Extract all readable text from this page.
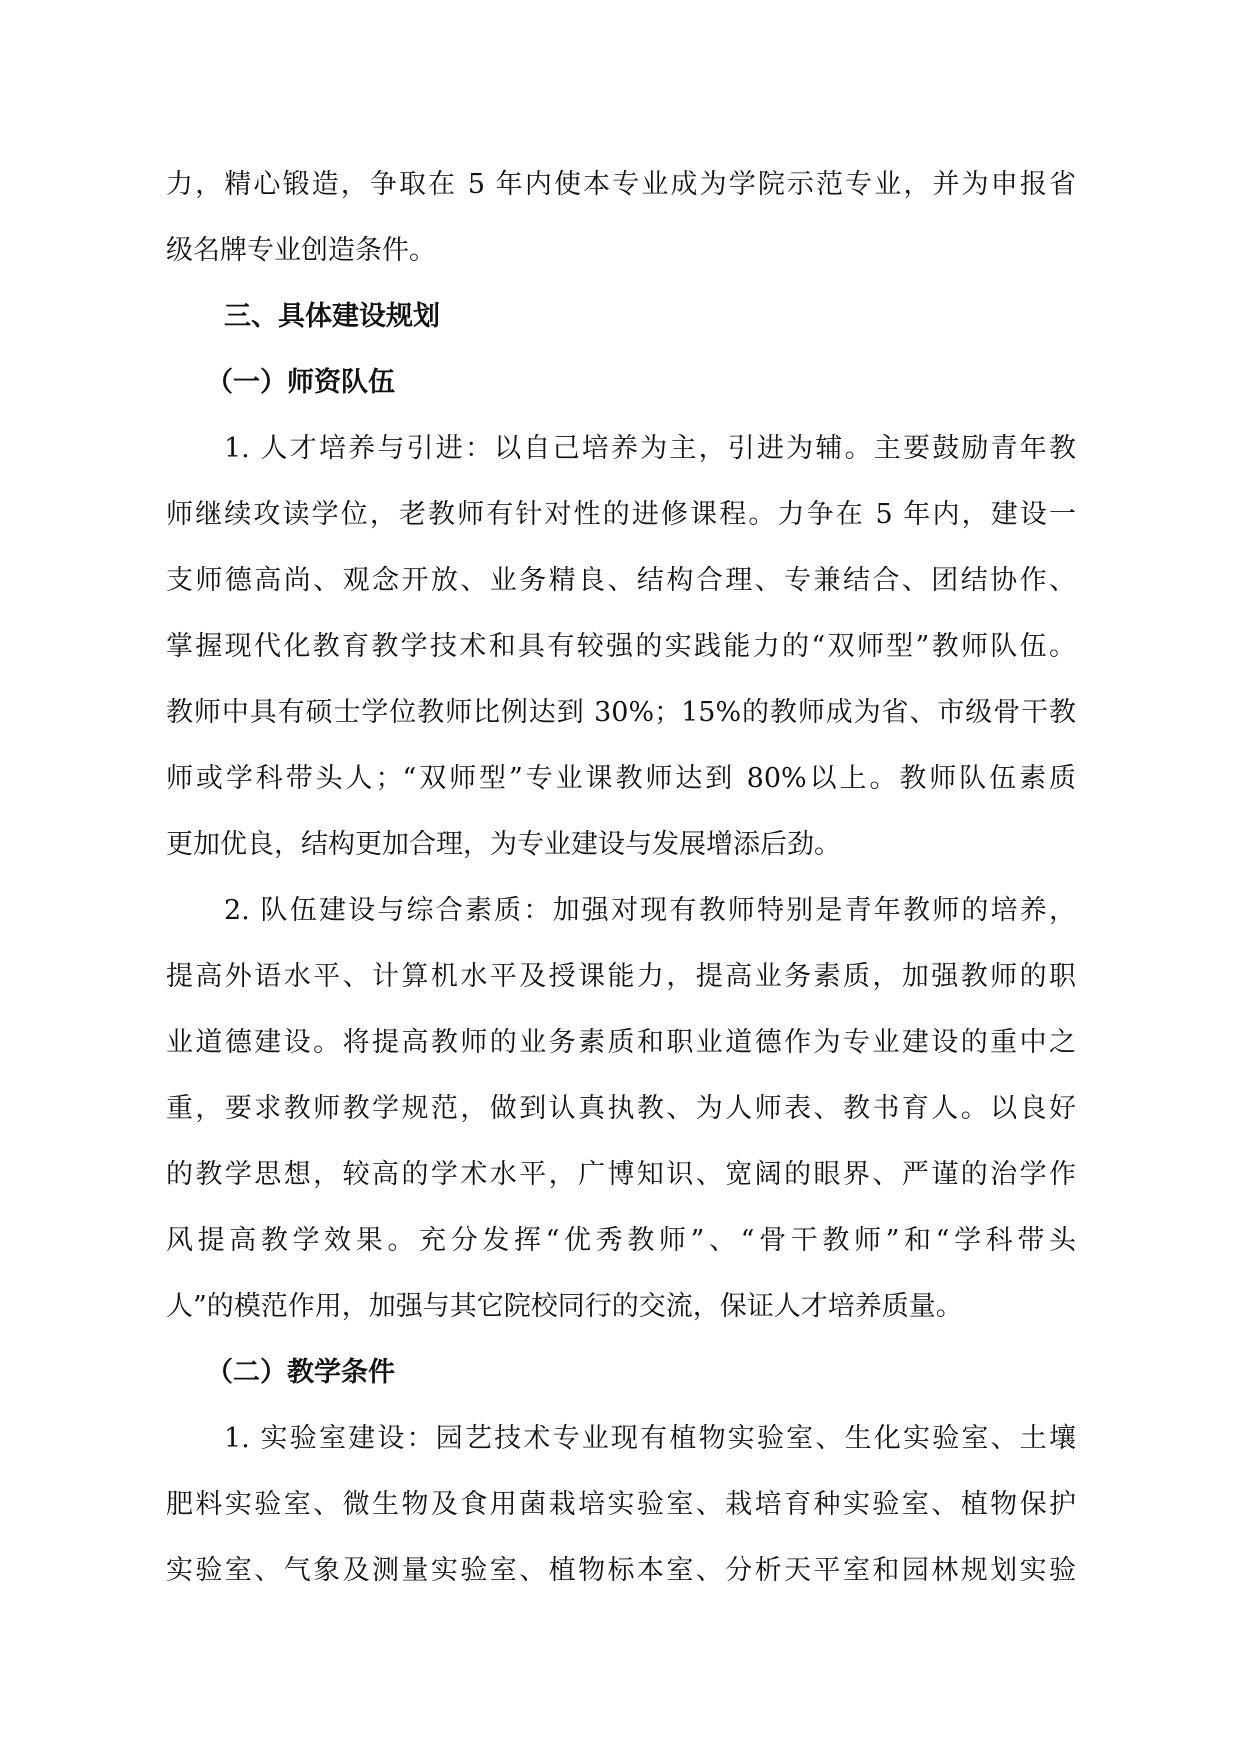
力，精心锻造，争取在 5 年内使本专业成为学院示范专业，并为申报省
级名牌专业创造条件。
三、具体建设规划
（一）师资队伍
1. 人才培养与引进：以自己培养为主，引进为辅。主要鼓励青年教
师继续攻读学位，老教师有针对性的进修课程。力争在 5 年内，建设一
支师德高尚、观念开放、业务精良、结构合理、专兼结合、团结协作、
掌握现代化教育教学技术和具有较强的实践能力的“双师型”教师队伍。
教师中具有硕士学位教师比例达到 30%；15%的教师成为省、市级骨干教
师或学科带头人；“双师型”专业课教师达到 80%以上。教师队伍素质
更加优良，结构更加合理，为专业建设与发展增添后劲。
2. 队伍建设与综合素质：加强对现有教师特别是青年教师的培养，
提高外语水平、计算机水平及授课能力，提高业务素质，加强教师的职
业道德建设。将提高教师的业务素质和职业道德作为专业建设的重中之
重，要求教师教学规范，做到认真执教、为人师表、教书育人。以良好
的教学思想，较高的学术水平，广博知识、宽阔的眼界、严谨的治学作
风提高教学效果。充分发挥“优秀教师”、“骨干教师”和“学科带头
人”的模范作用，加强与其它院校同行的交流，保证人才培养质量。
（二）教学条件
1. 实验室建设：园艺技术专业现有植物实验室、生化实验室、土壤
肥料实验室、微生物及食用菌栽培实验室、栽培育种实验室、植物保护
实验室、气象及测量实验室、植物标本室、分析天平室和园林规划实验
